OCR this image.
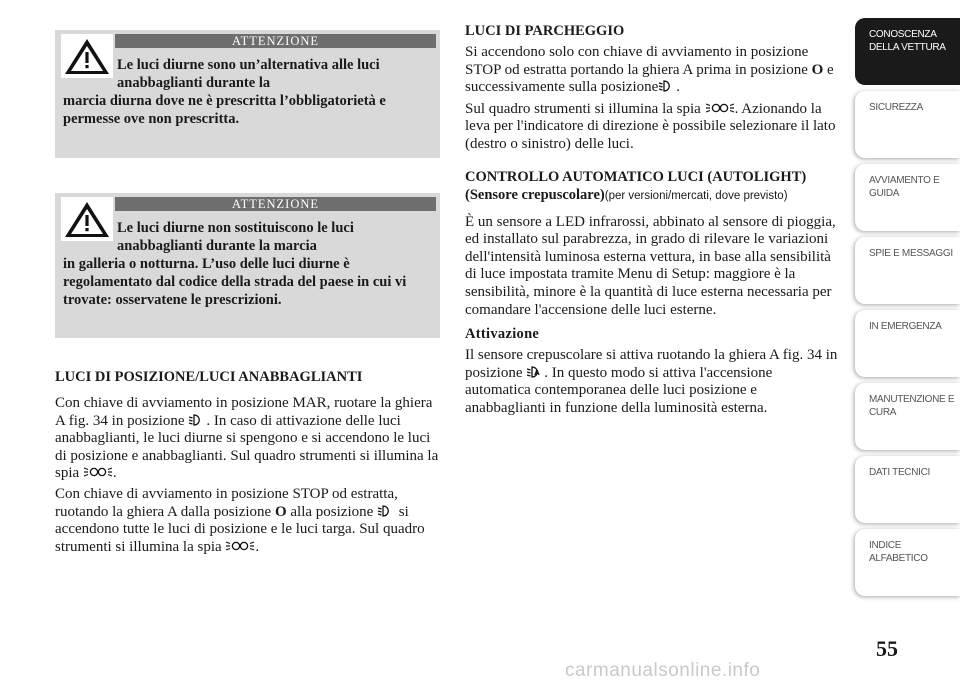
ATTENZIONE
Le luci diurne sono un’alternativa alle luci anabbaglianti durante la
marcia diurna dove ne è prescritta l’obbligatorietà e permesse ove non prescritta.
ATTENZIONE
Le luci diurne non sostituiscono le luci anabbaglianti durante la marcia
in galleria o notturna. L’uso delle luci diurne è regolamentato dal codice della strada del paese in cui vi trovate: osservatene le prescrizioni.
LUCI DI POSIZIONE/LUCI ANABBAGLIANTI

Con chiave di avviamento in posizione MAR, ruotare la ghiera A fig. 34 in posizione . In caso di attivazione delle luci anabbaglianti, le luci diurne si spengono e si accendono le luci di posizione e anabbaglianti. Sul quadro strumenti si illumina la spia .

Con chiave di avviamento in posizione STOP od estratta, ruotando la ghiera A dalla posizione O alla posizione si accendono tutte le luci di posizione e le luci targa. Sul quadro strumenti si illumina la spia .

LUCI DI PARCHEGGIO

Si accendono solo con chiave di avviamento in posizione STOP od estratta portando la ghiera A prima in posizione O e successivamente sulla posizione .

Sul quadro strumenti si illumina la spia . Azionando la leva per l'indicatore di direzione è possibile selezionare il lato (destro o sinistro) delle luci.

CONTROLLO AUTOMATICO LUCI (AUTOLIGHT) (Sensore crepuscolare)(per versioni/mercati, dove previsto)

È un sensore a LED infrarossi, abbinato al sensore di pioggia, ed installato sul parabrezza, in grado di rilevare le variazioni dell'intensità luminosa esterna vettura, in base alla sensibilità di luce impostata tramite Menu di Setup: maggiore è la sensibilità, minore è la quantità di luce esterna necessaria per comandare l'accensione delle luci esterne.

Attivazione

Il sensore crepuscolare si attiva ruotando la ghiera A fig. 34 in posizione A . In questo modo si attiva l'accensione automatica contemporanea delle luci posizione e anabbaglianti in funzione della luminosità esterna.

CONOSCENZA DELLA VETTURA
SICUREZZA
AVVIAMENTO E GUIDA
SPIE E MESSAGGI
IN EMERGENZA
MANUTENZIONE E CURA
DATI TECNICI
INDICE ALFABETICO
55
carmanualsonline.info
